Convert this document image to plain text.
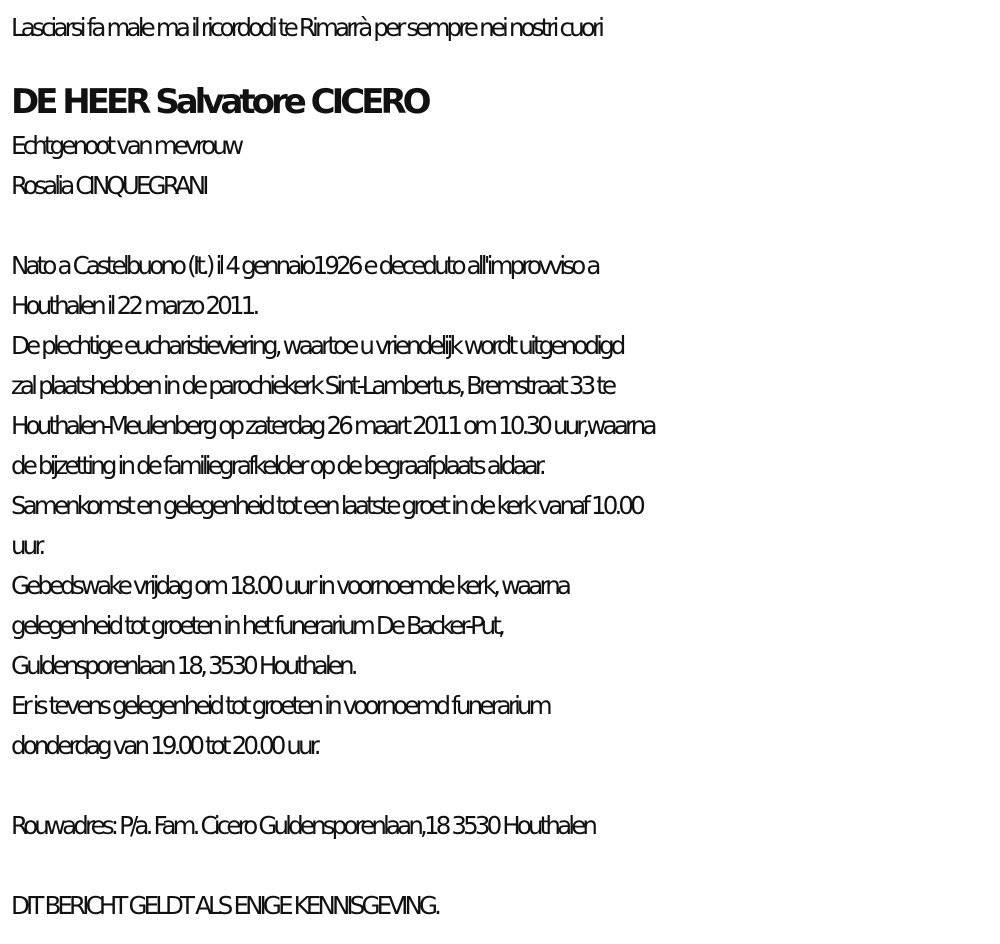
Lasciarsi fa male ma il ricordodi te Rimarrà per sempre nei nostri cuori

DE HEER Salvatore CICERO

Echtgenoot van mevrouw

Rosalia CINQUEGRANI

Nato a Castelbuono (It.) il 4 gennaio1926 e deceduto all'improvviso a

Houthalen il 22 marzo 2011.

De plechtige eucharistieviering, waartoe u vriendelijk wordt uitgenodigd

zal plaatshebben in de parochiekerk Sint-Lambertus, Bremstraat 33 te

Houthalen-Meulenberg op zaterdag 26 maart 2011 om 10.30 uur,waarna

de bijzetting in de familiegrafkelder op de begraafplaats aldaar.

Samenkomst en gelegenheid tot een laatste groet in de kerk vanaf 10.00

uur.

Gebedswake vrijdag om 18.00 uur in voornoemde kerk, waarna

gelegenheid tot groeten in het funerarium De Backer-Put,

Guldensporenlaan 18, 3530 Houthalen.

Er is tevens gelegenheid tot groeten in voornoemd funerarium

donderdag van 19.00 tot 20.00 uur.

Rouwadres: P/a. Fam. Cicero Guldensporenlaan,18 3530 Houthalen

DIT BERICHT GELDT ALS ENIGE KENNISGEVING.
